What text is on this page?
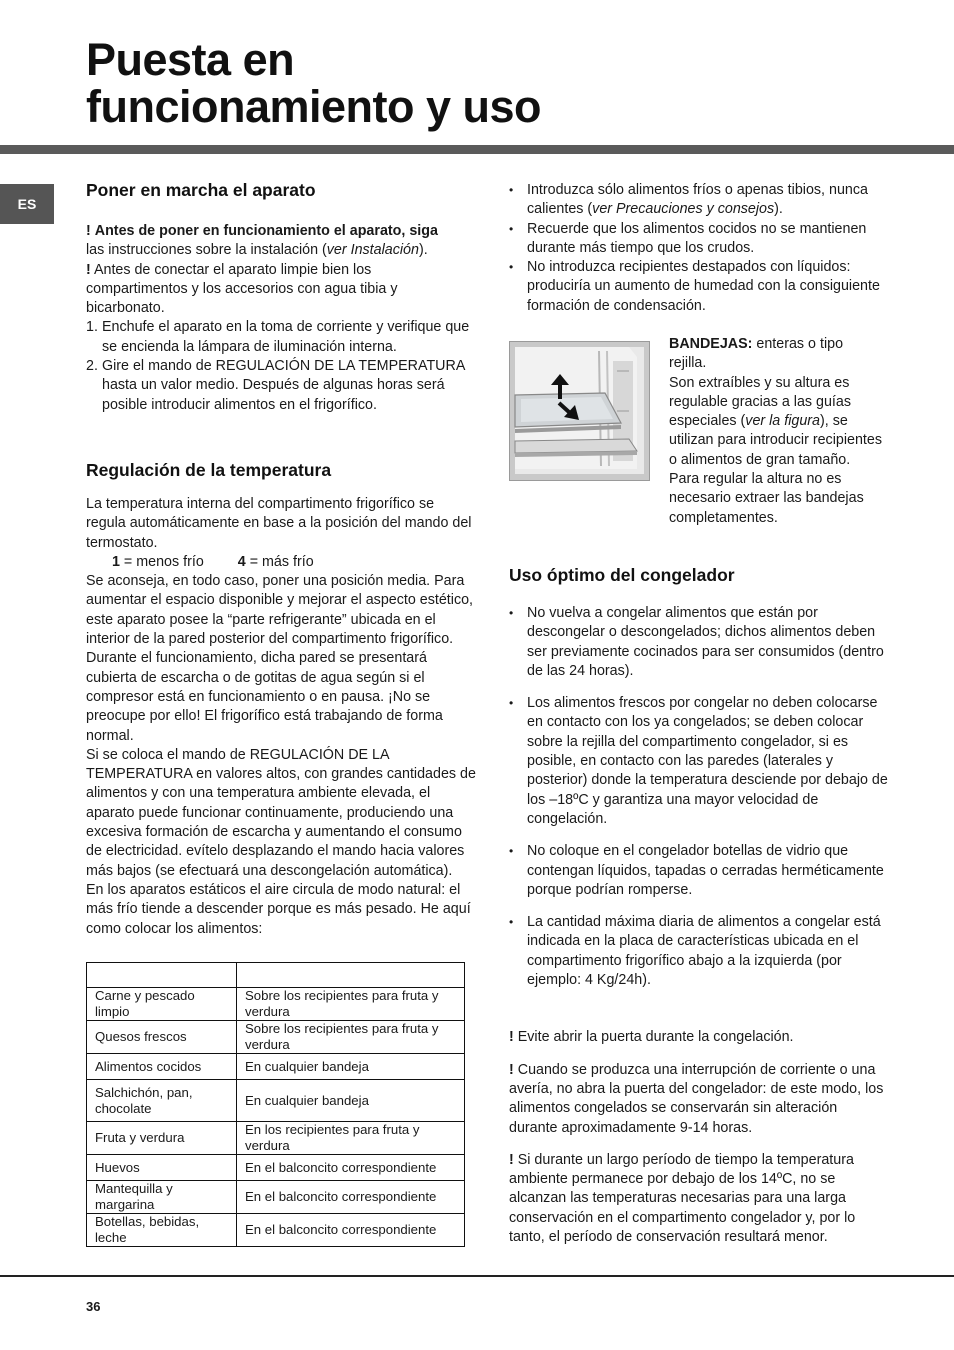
Puesta en
funcionamiento y uso
ES
Poner en marcha el aparato

! Antes de poner en funcionamiento el aparato, siga
las instrucciones sobre la instalación (ver Instalación).

! Antes de conectar el aparato limpie bien los compartimentos y los accesorios con agua tibia y bicarbonato.

1. Enchufe el aparato en la toma de corriente y verifique que se encienda la lámpara de iluminación interna.
2. Gire el mando de REGULACIÓN DE LA TEMPERATURA hasta un valor medio. Después de algunas horas será posible introducir alimentos en el frigorífico.
Regulación de la temperatura

La temperatura interna del compartimento frigorífico se regula automáticamente en base a la posición del mando del termostato.

1 = menos frío 4 = más frío

Se aconseja, en todo caso, poner una posición media. Para aumentar el espacio disponible y mejorar el aspecto estético, este aparato posee la “parte refrigerante” ubicada en el interior de la pared posterior del compartimento frigorífico. Durante el funcionamiento, dicha pared se presentará cubierta de escarcha o de gotitas de agua según si el compresor está en funcionamiento o en pausa. ¡No se preocupe por ello! El frigorífico está trabajando de forma normal.

Si se coloca el mando de REGULACIÓN DE LA TEMPERATURA en valores altos, con grandes cantidades de alimentos y con una temperatura ambiente elevada, el aparato puede funcionar continuamente, produciendo una excesiva formación de escarcha y aumentando el consumo de electricidad. evítelo desplazando el mando hacia valores más bajos (se efectuará una descongelación automática).

En los aparatos estáticos el aire circula de modo natural: el más frío tiende a descender porque es más pesado. He aquí como colocar los alimentos:

Carne y pescado limpio	Sobre los recipientes para fruta y verdura
Quesos frescos	Sobre los recipientes para fruta y verdura
Alimentos cocidos	En cualquier bandeja
Salchichón, pan, chocolate	En cualquier bandeja
Fruta y verdura	En los recipientes para fruta y verdura
Huevos	En el balconcito correspondiente
Mantequilla y margarina	En el balconcito correspondiente
Botellas, bebidas, leche	En el balconcito correspondiente
• Introduzca sólo alimentos fríos o apenas tibios, nunca calientes (ver Precauciones y consejos).
• Recuerde que los alimentos cocidos no se mantienen durante más tiempo que los crudos.
• No introduzca recipientes destapados con líquidos: produciría un aumento de humedad con la consiguiente formación de condensación.

BANDEJAS: enteras o tipo rejilla.

Son extraíbles y su altura es regulable gracias a las guías especiales (ver la figura), se utilizan para introducir recipientes o alimentos de gran tamaño. Para regular la altura no es necesario extraer las bandejas completamentes.

Uso óptimo del congelador
• No vuelva a congelar alimentos que están por descongelar o descongelados; dichos alimentos deben ser previamente cocinados para ser consumidos (dentro de las 24 horas).
• Los alimentos frescos por congelar no deben colocarse en contacto con los ya congelados; se deben colocar sobre la rejilla del compartimento congelador, si es posible, en contacto con las paredes (laterales y posterior) donde la temperatura desciende por debajo de los –18ºC y garantiza una mayor velocidad de congelación.
• No coloque en el congelador botellas de vidrio que contengan líquidos, tapadas o cerradas herméticamente porque podrían romperse.
• La cantidad máxima diaria de alimentos a congelar está indicada en la placa de características ubicada en el compartimento frigorífico abajo a la izquierda (por ejemplo: 4 Kg/24h).

! Evite abrir la puerta durante la congelación.

! Cuando se produzca una interrupción de corriente o una avería, no abra la puerta del congelador: de este modo, los alimentos congelados se conservarán sin alteración durante aproximadamente 9-14 horas.

! Si durante un largo período de tiempo la temperatura ambiente permanece por debajo de los 14ºC, no se alcanzan las temperaturas necesarias para una larga conservación en el compartimento congelador y, por lo tanto, el período de conservación resultará menor.

36
